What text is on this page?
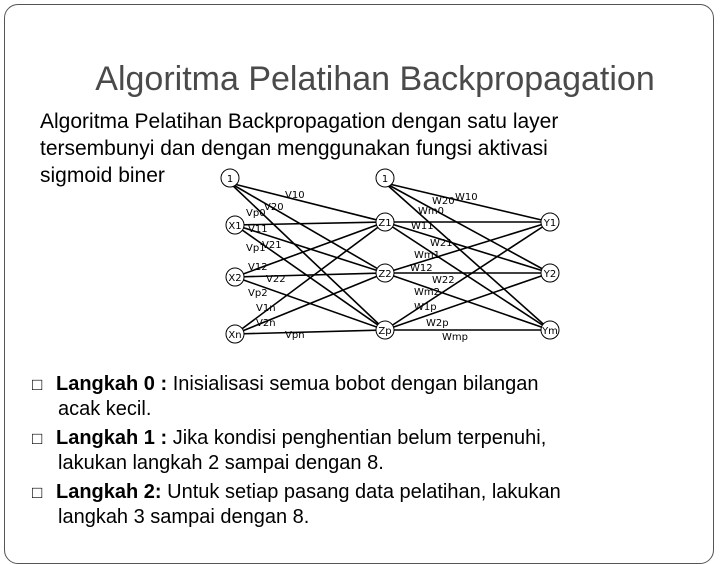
Algoritma Pelatihan Backpropagation
Algoritma Pelatihan Backpropagation dengan satu layer
tersembunyi dan dengan menggunakan fungsi aktivasi
sigmoid biner	1	1
X1
X2
Xn
Z1
Z2
Zp
Y1
Y2
Ym
V10
V20
Vp0
V11
Vp1
V21
V12
V22
Vp2
V1n
V2n
Vpn
W10
W20
Wm0
W11
W21
Wm1
W12
W22
Wm2
W1p
W2p
Wmp
□ Langkah 0 : Inisialisasi semua bobot dengan bilangan
acak kecil.
□ Langkah 1 : Jika kondisi penghentian belum terpenuhi,
lakukan langkah 2 sampai dengan 8.
□ Langkah 2: Untuk setiap pasang data pelatihan, lakukan
langkah 3 sampai dengan 8.
